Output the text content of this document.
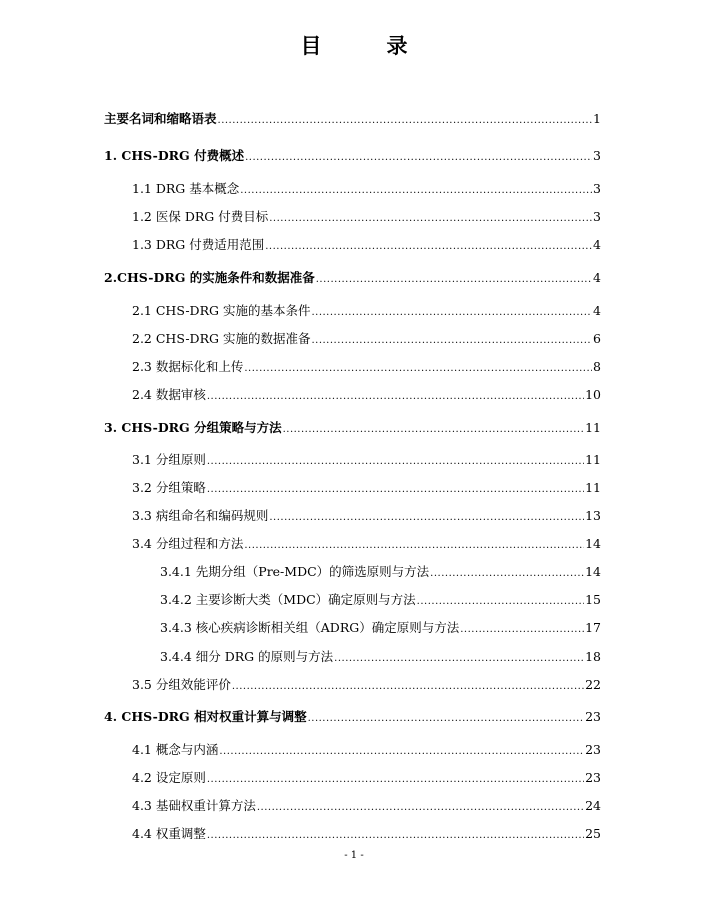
目　录
主要名词和缩略语表 .....	1
1. CHS-DRG 付费概述 .....	3
1.1 DRG 基本概念 .....	3
1.2 医保 DRG 付费目标 .....	3
1.3 DRG 付费适用范围 .....	4
2.CHS-DRG 的实施条件和数据准备 .....	4
2.1 CHS-DRG 实施的基本条件 .....	4
2.2 CHS-DRG 实施的数据准备 .....	6
2.3 数据标化和上传 .....	8
2.4 数据审核 .....	10
3. CHS-DRG 分组策略与方法 .....	11
3.1 分组原则 .....	11
3.2 分组策略 .....	11
3.3 病组命名和编码规则 .....	13
3.4 分组过程和方法 .....	14
3.4.1 先期分组（Pre-MDC）的筛选原则与方法 .....	14
3.4.2 主要诊断大类（MDC）确定原则与方法 .....	15
3.4.3 核心疾病诊断相关组（ADRG）确定原则与方法 .....	17
3.4.4 细分 DRG 的原则与方法 .....	18
3.5 分组效能评价 .....	22
4. CHS-DRG 相对权重计算与调整 .....	23
4.1 概念与内涵 .....	23
4.2 设定原则 .....	23
4.3 基础权重计算方法 .....	24
4.4 权重调整 .....	25
- 1 -
